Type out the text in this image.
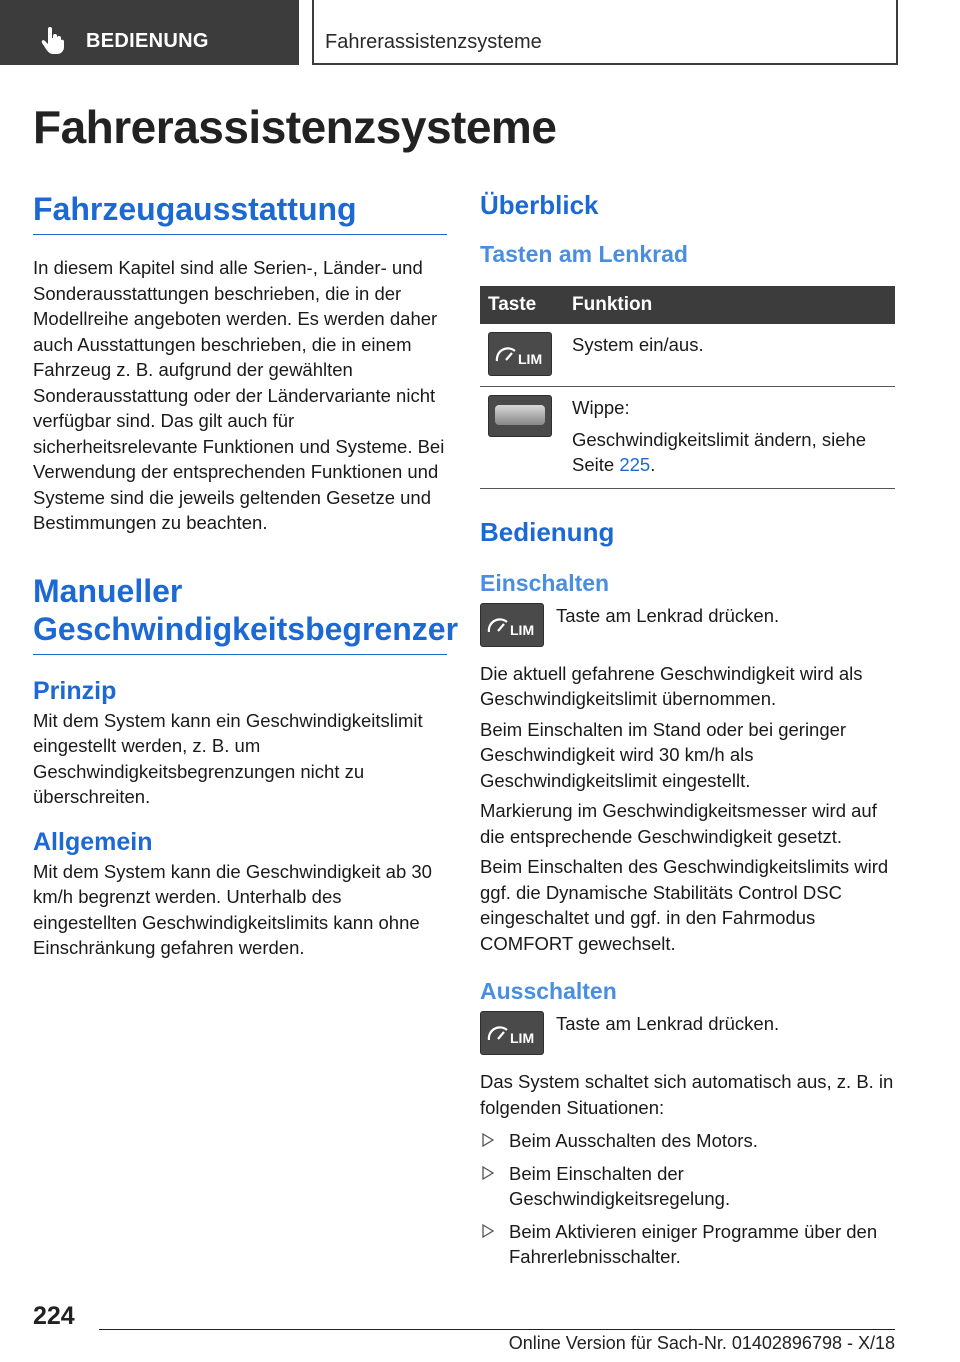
BEDIENUNG	Fahrerassistenzsysteme
Fahrerassistenzsysteme
Fahrzeugausstattung

In diesem Kapitel sind alle Serien-, Länder- und Sonderausstattungen beschrieben, die in der Modellreihe angeboten werden. Es werden daher auch Ausstattungen beschrieben, die in einem Fahrzeug z. B. aufgrund der gewählten Sonderausstattung oder der Ländervariante nicht verfügbar sind. Das gilt auch für sicherheitsrelevante Funktionen und Systeme. Bei Verwendung der entsprechenden Funktionen und Systeme sind die jeweils geltenden Gesetze und Bestimmungen zu beachten.

Manueller Geschwindigkeitsbegrenzer
Prinzip

Mit dem System kann ein Geschwindigkeitslimit eingestellt werden, z. B. um Geschwindigkeitsbegrenzungen nicht zu überschreiten.

Allgemein

Mit dem System kann die Geschwindigkeit ab 30 km/h begrenzt werden. Unterhalb des eingestellten Geschwindigkeitslimits kann ohne Einschränkung gefahren werden.

Überblick
Tasten am Lenkrad
Taste	Funktion

LIM	System ein/aus.

	Wippe:
Geschwindigkeitslimit ändern, siehe Seite 225.
Bedienung
Einschalten
LIM

Taste am Lenkrad drücken.

Die aktuell gefahrene Geschwindigkeit wird als Geschwindigkeitslimit übernommen.

Beim Einschalten im Stand oder bei geringer Geschwindigkeit wird 30 km/h als Geschwindigkeitslimit eingestellt.

Markierung im Geschwindigkeitsmesser wird auf die entsprechende Geschwindigkeit gesetzt.

Beim Einschalten des Geschwindigkeitslimits wird ggf. die Dynamische Stabilitäts Control DSC eingeschaltet und ggf. in den Fahrmodus COMFORT gewechselt.

Ausschalten
LIM

Taste am Lenkrad drücken.

Das System schaltet sich automatisch aus, z. B. in folgenden Situationen:

Beim Ausschalten des Motors.
Beim Einschalten der Geschwindigkeitsregelung.
Beim Aktivieren einiger Programme über den Fahrerlebnisschalter.
224
Online Version für Sach-Nr. 01402896798 - X/18
